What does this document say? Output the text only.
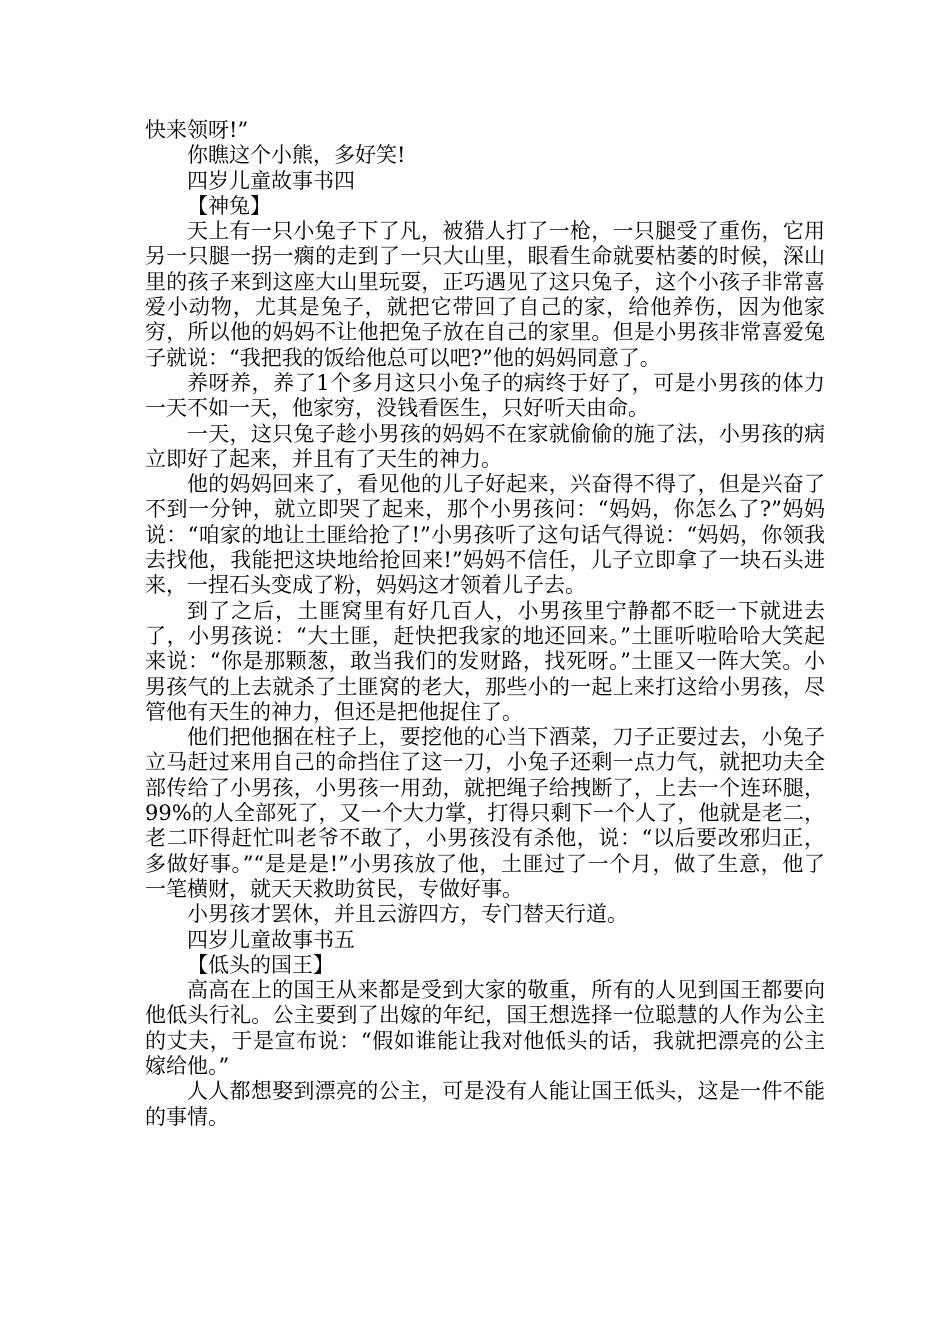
快来领呀!”

你瞧这个小熊，多好笑!

四岁儿童故事书四

【神兔】

天上有一只小兔子下了凡，被猎人打了一枪，一只腿受了重伤，它用另一只腿一拐一瘸的走到了一只大山里，眼看生命就要枯萎的时候，深山里的孩子来到这座大山里玩耍，正巧遇见了这只兔子，这个小孩子非常喜爱小动物，尤其是兔子，就把它带回了自己的家，给他养伤，因为他家穷，所以他的妈妈不让他把兔子放在自己的家里。但是小男孩非常喜爱兔子就说：“我把我的饭给他总可以吧?”他的妈妈同意了。

养呀养，养了1个多月这只小兔子的病终于好了，可是小男孩的体力一天不如一天，他家穷，没钱看医生，只好听天由命。

一天，这只兔子趁小男孩的妈妈不在家就偷偷的施了法，小男孩的病立即好了起来，并且有了天生的神力。

他的妈妈回来了，看见他的儿子好起来，兴奋得不得了，但是兴奋了不到一分钟，就立即哭了起来，那个小男孩问：“妈妈，你怎么了?”妈妈说：“咱家的地让土匪给抢了!”小男孩听了这句话气得说：“妈妈，你领我去找他，我能把这块地给抢回来!”妈妈不信任，儿子立即拿了一块石头进来，一捏石头变成了粉，妈妈这才领着儿子去。

到了之后，土匪窝里有好几百人，小男孩里宁静都不眨一下就进去了，小男孩说：“大土匪，赶快把我家的地还回来。”土匪听啦哈哈大笑起来说：“你是那颗葱，敢当我们的发财路，找死呀。”土匪又一阵大笑。小男孩气的上去就杀了土匪窝的老大，那些小的一起上来打这给小男孩，尽管他有天生的神力，但还是把他捉住了。

他们把他捆在柱子上，要挖他的心当下酒菜，刀子正要过去，小兔子立马赶过来用自己的命挡住了这一刀，小兔子还剩一点力气，就把功夫全部传给了小男孩，小男孩一用劲，就把绳子给拽断了，上去一个连环腿，99%的人全部死了，又一个大力掌，打得只剩下一个人了，他就是老二，老二吓得赶忙叫老爷不敢了，小男孩没有杀他，说：“以后要改邪归正，多做好事。”“是是是!”小男孩放了他，土匪过了一个月，做了生意，他了一笔横财，就天天救助贫民，专做好事。

小男孩才罢休，并且云游四方，专门替天行道。

四岁儿童故事书五

【低头的国王】

高高在上的国王从来都是受到大家的敬重，所有的人见到国王都要向他低头行礼。公主要到了出嫁的年纪，国王想选择一位聪慧的人作为公主的丈夫，于是宣布说：“假如谁能让我对他低头的话，我就把漂亮的公主嫁给他。”

人人都想娶到漂亮的公主，可是没有人能让国王低头，这是一件不能的事情。
